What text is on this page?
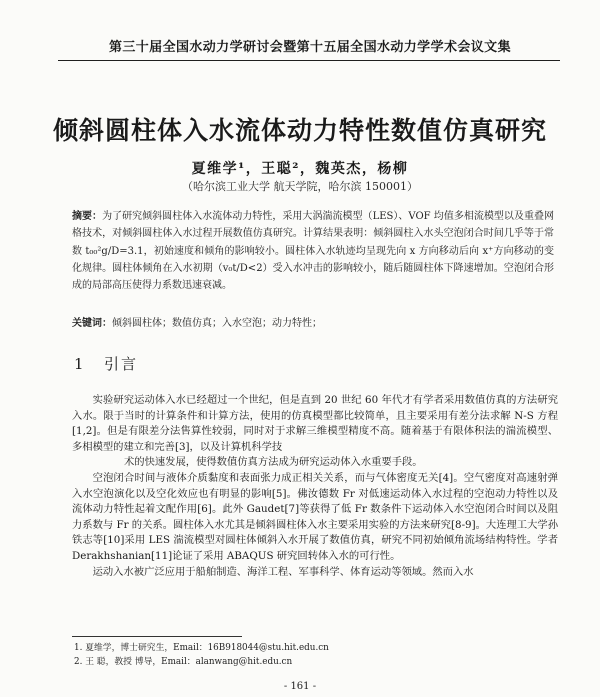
第三十届全国水动力学研讨会暨第十五届全国水动力学学术会议文集
倾斜圆柱体入水流体动力特性数值仿真研究
夏维学¹，王聪²，魏英杰，杨柳
（哈尔滨工业大学 航天学院，哈尔滨 150001）
摘要：为了研究倾斜圆柱体入水流体动力特性，采用大涡湍流模型（LES）、VOF 均值多相流模型以及重叠网格技术，对倾斜圆柱体入水过程开展数值仿真研究。计算结果表明：倾斜圆柱入水头空泡闭合时间几乎等于常数 t₀₀²g/D=3.1，初始速度和倾角的影响较小。圆柱体入水轨迹均呈现先向 x 方向移动后向 x⁺方向移动的变化规律。圆柱体倾角在入水初期（v₀t/D<2）受入水冲击的影响较小，随后随圆柱体下降速增加。空泡闭合形成的局部高压使得力系数迅速衰减。
关键词：倾斜圆柱体；数值仿真；入水空泡；动力特性；
1 引言

实验研究运动体入水已经超过一个世纪，但是直到 20 世纪 60 年代才有学者采用数值仿真的方法研究入水。限于当时的计算条件和计算方法，使用的仿真模型都比较简单，且主要采用有差分法求解 N-S 方程[1,2]。但是有限差分法售算性较弱，同时对于求解三维模型精度不高。随着基于有限体积法的湍流模型、多相模型的建立和完善[3]，以及计算机科学技

术的快速发展，使得数值仿真方法成为研究运动体入水重要手段。

空泡闭合时间与液体介质黏度和表面张力成正相关关系，而与气体密度无关[4]。空气密度对高速射弹入水空泡演化以及空化效应也有明显的影响[5]。佛汝德数 Fr 对低速运动体入水过程的空泡动力特性以及流体动力特性起着文配作用[6]。此外 Gaudet[7]等获得了低 Fr 数条件下运动体入水空泡闭合时间以及阻力系数与 Fr 的关系。圆柱体入水尤其是倾斜圆柱体入水主要采用实验的方法来研究[8-9]。大连理工大学孙铁志等[10]采用 LES 湍流模型对圆柱体倾斜入水开展了数值仿真，研究不同初始倾角流场结构特性。学者 Derakhshanian[11]论证了采用 ABAQUS 研究回转体入水的可行性。

运动入水被广泛应用于船舶制造、海洋工程、军事科学、体育运动等领域。然而入水

1. 夏维学，博士研究生，Email：16B918044@stu.hit.edu.cn
2. 王 聪，教授 博导，Email：alanwang@hit.edu.cn
- 161 -
